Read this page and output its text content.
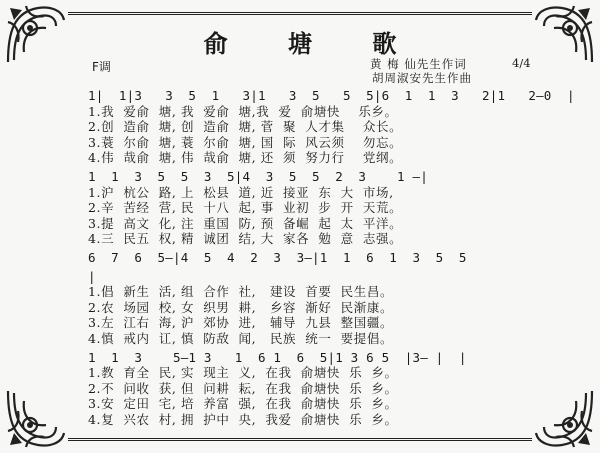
俞 塘 歌
F调	黄 梅 仙先生作词	4/4
胡周淑安先生作曲
1|  1|3   3  5  1   3|1   3  5   5  5|6  1  1  3   2|1   2—0  |
1.我  爱俞  塘, 我  爱俞  塘,我  爱  俞塘快    乐乡。
2.创  造俞  塘, 创  造俞  塘, 菅  聚  人才集    众长。
3.蓑  尔俞  塘, 蓑  尔俞  塘, 国  际  风云须    勿忘。
4.伟  哉俞  塘, 伟  哉俞  塘, 还  须  努力行    党纲。
1  1  3  5  5  3  5|4  3  5  5  2  3    1 —|
1.沪  杭公  路, 上  松县  道, 近  接亚  东  大  市场,
2.辛  苦经  营, 民  十八  起, 事  业初  步  开  天荒。
3.提  高文  化, 注  重国  防, 预  备崛  起  太  平洋。
4.三  民五  权, 精  诚团  结, 大  家各  勉  意  志强。
6  7  6  5—|4  5  4  2  3  3—|1  1  6  1  3  5  5
|
1.倡  新生  活, 组  合作  社,   建设  首要  民生昌。
2.农  场园  校, 女  织男  耕,   乡容  渐好  民渐康。
3.左  江右  海, 沪  郊协  进,   辅导  九县  整国疆。
4.慎  戒内  讧, 慎  防敌  闻,   民族  统一  要提倡。
1  1  3    5—1 3   1  6 1  6  5|1 3 6 5  |3— |  |
1.教  育全  民, 实  现主  义,  在我  俞塘快  乐  乡。
2.不  问收  获, 但  问耕  耘,  在我  俞塘快  乐  乡。
3.安  定田  宅, 培  养富  强,  在我  俞塘快  乐  乡。
4.复  兴农  村, 拥  护中  央,  我爱  俞塘快  乐  乡。
